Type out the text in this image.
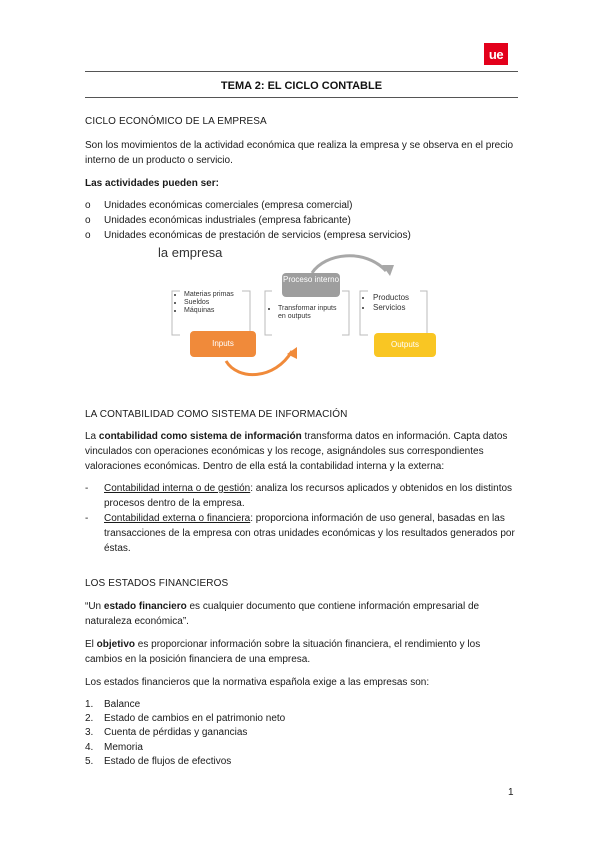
ue
TEMA 2: EL CICLO CONTABLE
CICLO ECONÓMICO DE LA EMPRESA
Son los movimientos de la actividad económica que realiza la empresa y se observa en el precio
interno de un producto o servicio.
Las actividades pueden ser:
o Unidades económicas comerciales (empresa comercial)
o Unidades económicas industriales (empresa fabricante)
o Unidades económicas de prestación de servicios (empresa servicios)
la empresa
• Materias primas
• Sueldos
• Máquinas
Inputs
Proceso interno
• Transformar inputs en outputs
• Productos
• Servicios
Outputs
LA CONTABILIDAD COMO SISTEMA DE INFORMACIÓN
La contabilidad como sistema de información transforma datos en información. Capta datos
vinculados con operaciones económicas y los recoge, asignándoles sus correspondientes
valoraciones económicas. Dentro de ella está la contabilidad interna y la externa:
- Contabilidad interna o de gestión: analiza los recursos aplicados y obtenidos en los distintos procesos dentro de la empresa.
- Contabilidad externa o financiera: proporciona información de uso general, basadas en las transacciones de la empresa con otras unidades económicas y los resultados generados por éstas.
LOS ESTADOS FINANCIEROS
“Un estado financiero es cualquier documento que contiene información empresarial de
naturaleza económica”.
El objetivo es proporcionar información sobre la situación financiera, el rendimiento y los
cambios en la posición financiera de una empresa.
Los estados financieros que la normativa española exige a las empresas son:
1. Balance
2. Estado de cambios en el patrimonio neto
3. Cuenta de pérdidas y ganancias
4. Memoria
5. Estado de flujos de efectivos
1
